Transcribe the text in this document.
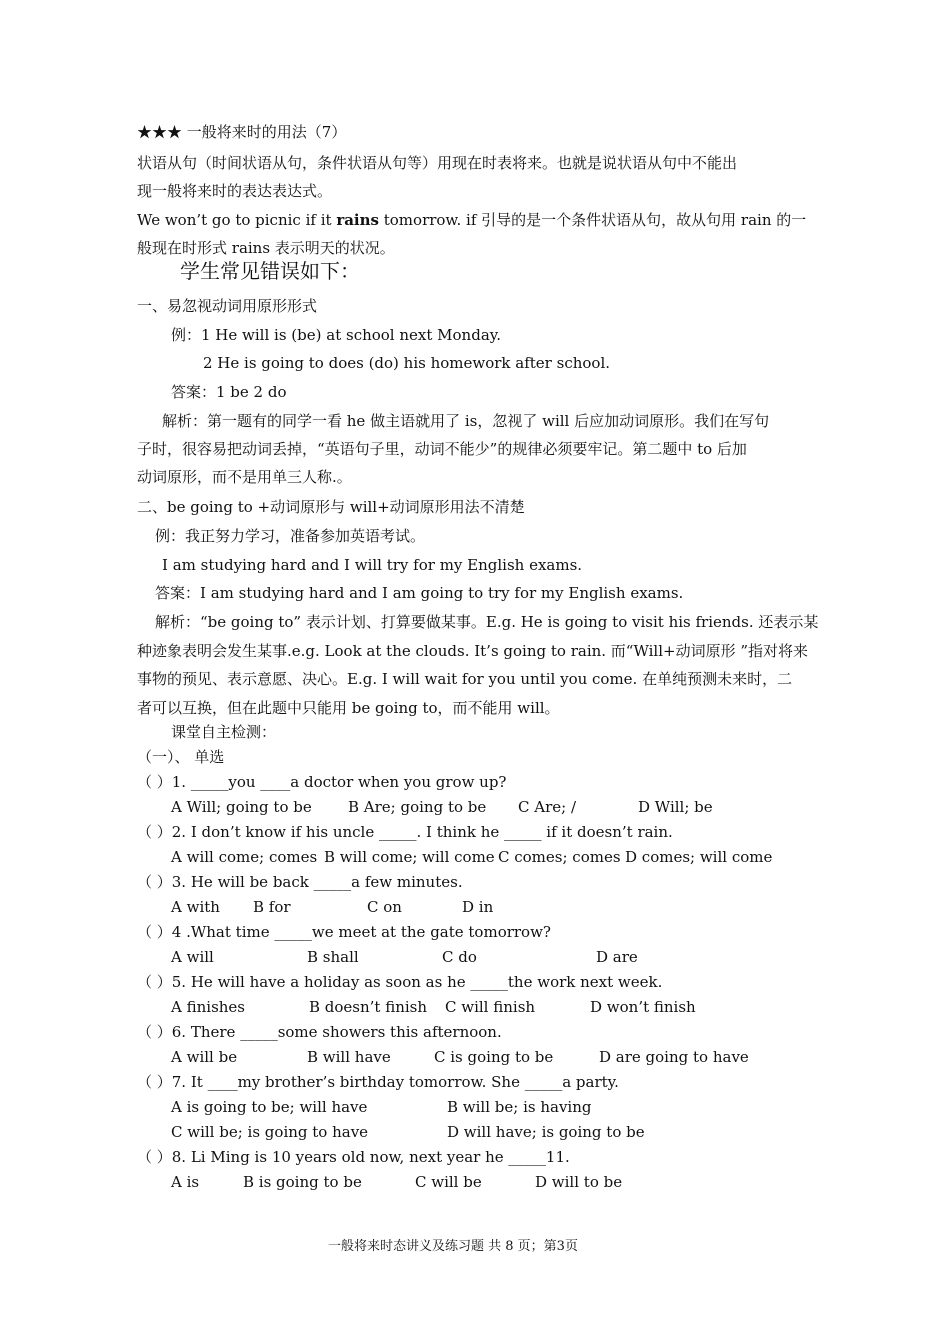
★★★ 一般将来时的用法（7）
状语从句（时间状语从句，条件状语从句等）用现在时表将来。也就是说状语从句中不能出
现一般将来时的表达表达式。
We won’t go to picnic if it rains tomorrow. if 引导的是一个条件状语从句，故从句用 rain 的一
般现在时形式 rains 表示明天的状况。
学生常见错误如下：
一、易忽视动词用原形形式
例：1 He will is (be) at school next Monday.
2 He is going to does (do) his homework after school.
答案：1 be 2 do
解析：第一题有的同学一看 he 做主语就用了 is，忽视了 will 后应加动词原形。我们在写句
子时，很容易把动词丢掉，“英语句子里，动词不能少”的规律必须要牢记。第二题中 to 后加
动词原形，而不是用单三人称.。
二、be going to +动词原形与 will+动词原形用法不清楚
例：我正努力学习，准备参加英语考试。
I am studying hard and I will try for my English exams.
答案：I am studying hard and I am going to try for my English exams.
解析：“be going to” 表示计划、打算要做某事。E.g. He is going to visit his friends. 还表示某
种迹象表明会发生某事.e.g. Look at the clouds. It’s going to rain. 而“Will+动词原形 ”指对将来
事物的预见、表示意愿、决心。E.g. I will wait for you until you come. 在单纯预测未来时，二
者可以互换，但在此题中只能用 be going to，而不能用 will。
课堂自主检测：
（一）、 单选
（ ）1. _____you ____a doctor when you grow up?
A Will; going to be B Are; going to be C Are; /	D Will; be
（ ）2. I don’t know if his uncle _____. I think he _____ if it doesn’t rain.
A will come; comes B will come; will come C comes; comes D comes; will come
（ ）3. He will be back _____a few minutes.
A with B for	C on	D in
（ ）4 .What time _____we meet at the gate tomorrow?
A will	B shall	C do	D are
（ ）5. He will have a holiday as soon as he _____the work next week.
A finishes	B doesn’t finish C will finish	D won’t finish
（ ）6. There _____some showers this afternoon.
A will be	B will have	C is going to be	D are going to have
（ ）7. It ____my brother’s birthday tomorrow. She _____a party.
A is going to be; will have	B will be; is having
C will be; is going to have	D will have; is going to be
（ ）8. Li Ming is 10 years old now, next year he _____11.
A is	B is going to be	C will be	D will to be
一般将来时态讲义及练习题 共 8 页；第3页
